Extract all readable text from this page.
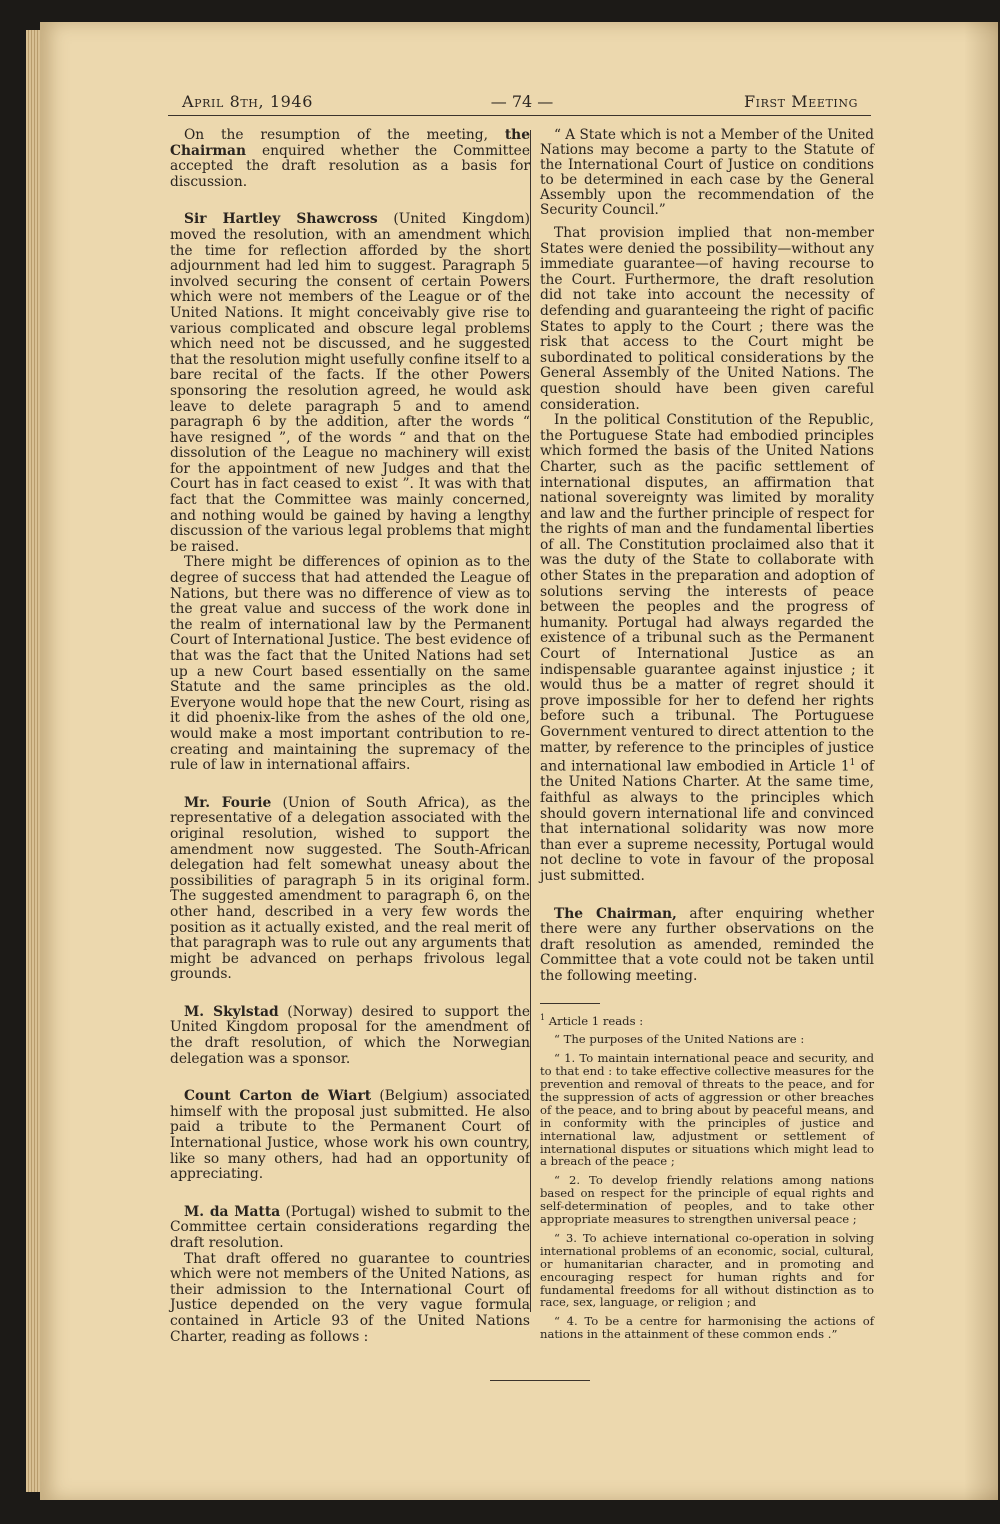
April 8th, 1946	— 74 —	First Meeting

On the resumption of the meeting, the Chairman enquired whether the Committee accepted the draft resolution as a basis for discussion.

Sir Hartley Shawcross (United Kingdom) moved the resolution, with an amendment which the time for reflection afforded by the short adjournment had led him to suggest. Paragraph 5 involved securing the consent of certain Powers which were not members of the League or of the United Nations. It might conceivably give rise to various complicated and obscure legal problems which need not be discussed, and he suggested that the resolution might usefully confine itself to a bare recital of the facts. If the other Powers sponsoring the resolution agreed, he would ask leave to delete paragraph 5 and to amend paragraph 6 by the addition, after the words “ have resigned ”, of the words “ and that on the dissolution of the League no machinery will exist for the appointment of new Judges and that the Court has in fact ceased to exist ”. It was with that fact that the Committee was mainly concerned, and nothing would be gained by having a lengthy discussion of the various legal problems that might be raised.

There might be differences of opinion as to the degree of success that had attended the League of Nations, but there was no difference of view as to the great value and success of the work done in the realm of international law by the Permanent Court of International Justice. The best evidence of that was the fact that the United Nations had set up a new Court based essentially on the same Statute and the same principles as the old. Everyone would hope that the new Court, rising as it did phoenix-like from the ashes of the old one, would make a most important contribution to re-creating and maintaining the supremacy of the rule of law in international affairs.

Mr. Fourie (Union of South Africa), as the representative of a delegation associated with the original resolution, wished to support the amendment now suggested. The South-African delegation had felt somewhat uneasy about the possibilities of paragraph 5 in its original form. The suggested amendment to paragraph 6, on the other hand, described in a very few words the position as it actually existed, and the real merit of that paragraph was to rule out any arguments that might be advanced on perhaps frivolous legal grounds.

M. Skylstad (Norway) desired to support the United Kingdom proposal for the amendment of the draft resolution, of which the Norwegian delegation was a sponsor.

Count Carton de Wiart (Belgium) associated himself with the proposal just submitted. He also paid a tribute to the Permanent Court of International Justice, whose work his own country, like so many others, had had an opportunity of appreciating.

M. da Matta (Portugal) wished to submit to the Committee certain considerations regarding the draft resolution.

That draft offered no guarantee to countries which were not members of the United Nations, as their admission to the International Court of Justice depended on the very vague formula contained in Article 93 of the United Nations Charter, reading as follows :

“ A State which is not a Member of the United Nations may become a party to the Statute of the International Court of Justice on conditions to be determined in each case by the General Assembly upon the recommendation of the Security Council.”

That provision implied that non-member States were denied the possibility—without any immediate guarantee—of having recourse to the Court. Furthermore, the draft resolution did not take into account the necessity of defending and guaranteeing the right of pacific States to apply to the Court ; there was the risk that access to the Court might be subordinated to political considerations by the General Assembly of the United Nations. The question should have been given careful consideration.

In the political Constitution of the Republic, the Portuguese State had embodied principles which formed the basis of the United Nations Charter, such as the pacific settlement of international disputes, an affirmation that national sovereignty was limited by morality and law and the further principle of respect for the rights of man and the fundamental liberties of all. The Constitution proclaimed also that it was the duty of the State to collaborate with other States in the preparation and adoption of solutions serving the interests of peace between the peoples and the progress of humanity. Portugal had always regarded the existence of a tribunal such as the Permanent Court of International Justice as an indispensable guarantee against injustice ; it would thus be a matter of regret should it prove impossible for her to defend her rights before such a tribunal. The Portuguese Government ventured to direct attention to the matter, by reference to the principles of justice and international law embodied in Article $1^1$ of the United Nations Charter. At the same time, faithful as always to the principles which should govern international life and convinced that international solidarity was now more than ever a supreme necessity, Portugal would not decline to vote in favour of the proposal just submitted.

The Chairman, after enquiring whether there were any further observations on the draft resolution as amended, reminded the Committee that a vote could not be taken until the following meeting.

$^1$ Article 1 reads :

“ The purposes of the United Nations are :

“ 1. To maintain international peace and security, and to that end : to take effective collective measures for the prevention and removal of threats to the peace, and for the suppression of acts of aggression or other breaches of the peace, and to bring about by peaceful means, and in conformity with the principles of justice and international law, adjustment or settlement of international disputes or situations which might lead to a breach of the peace ;

“ 2. To develop friendly relations among nations based on respect for the principle of equal rights and self-determination of peoples, and to take other appropriate measures to strengthen universal peace ;

“ 3. To achieve international co-operation in solving international problems of an economic, social, cultural, or humanitarian character, and in promoting and encouraging respect for human rights and for fundamental freedoms for all without distinction as to race, sex, language, or religion ; and

“ 4. To be a centre for harmonising the actions of nations in the attainment of these common ends .”
